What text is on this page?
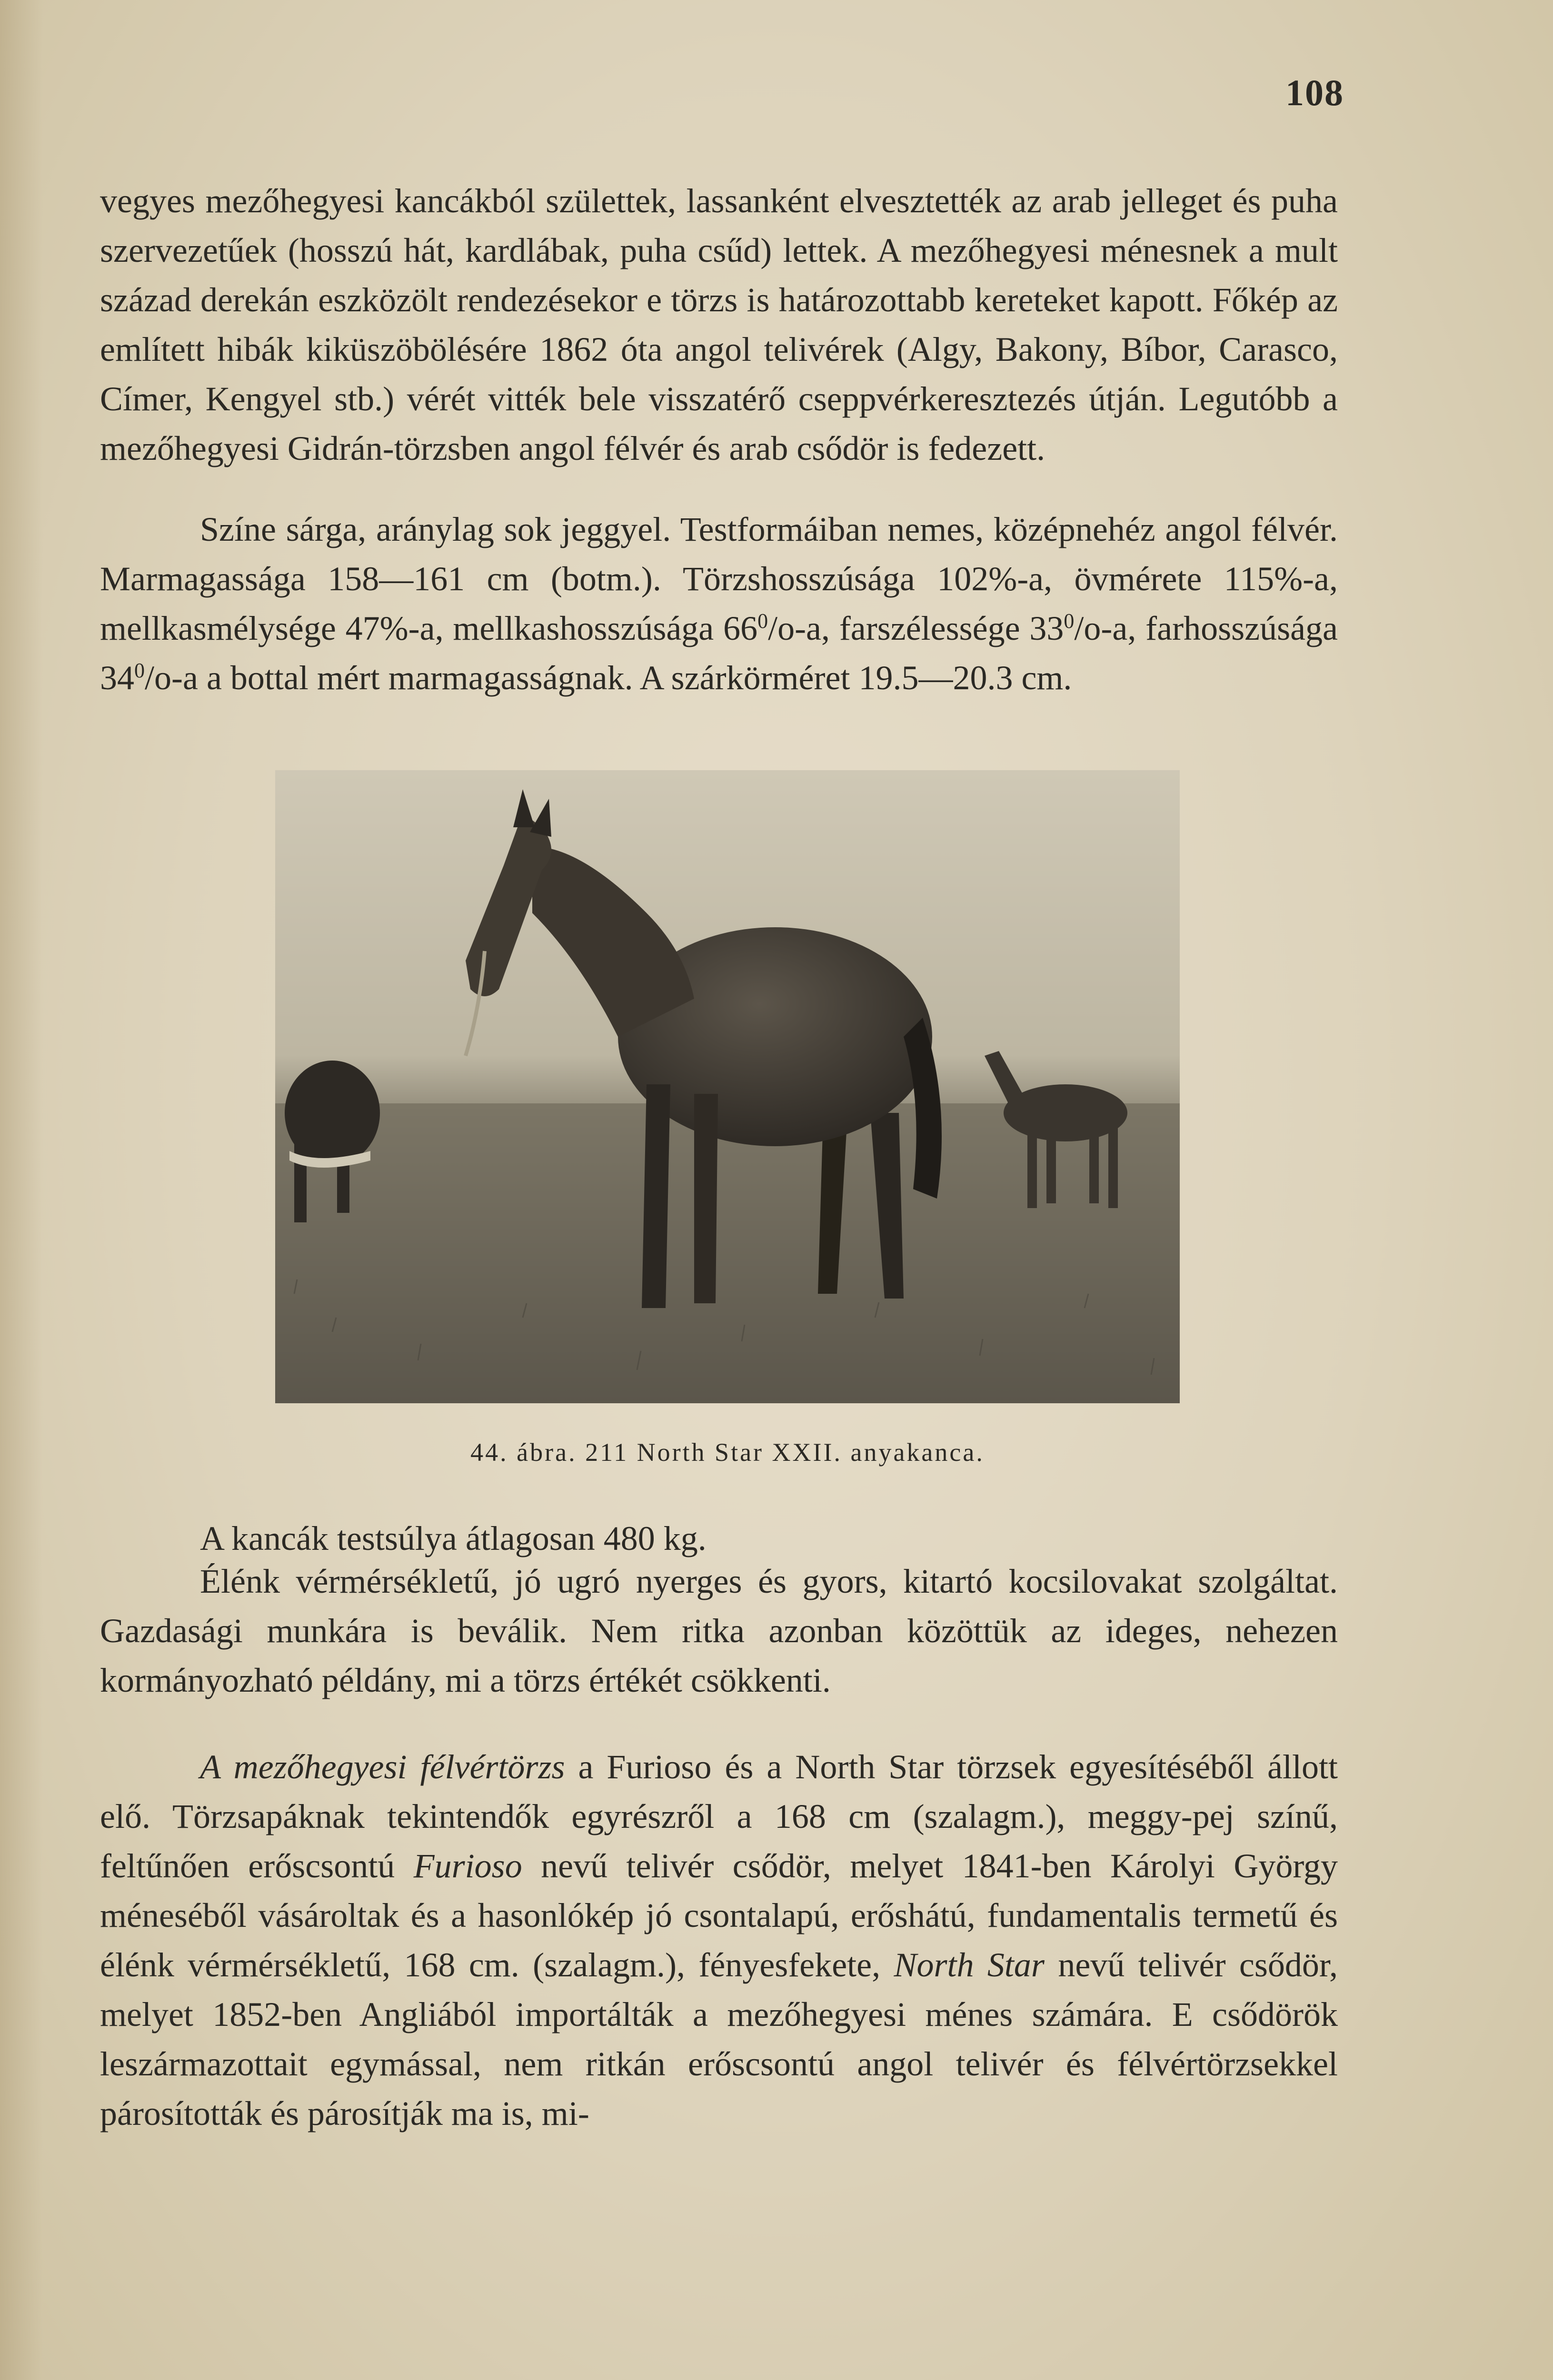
108

vegyes mezőhegyesi kancákból születtek, lassanként elvesztették az arab jelleget és puha szervezetűek (hosszú hát, kardlábak, puha csűd) lettek. A mezőhegyesi ménesnek a mult század derekán eszközölt rendezésekor e törzs is határozottabb kereteket kapott. Főkép az említett hibák kiküszöbölésére 1862 óta angol telivérek (Algy, Bakony, Bíbor, Carasco, Címer, Kengyel stb.) vérét vitték bele visszatérő cseppvérkeresztezés útján. Legutóbb a mezőhegyesi Gidrán-törzsben angol félvér és arab csődör is fedezett.

Színe sárga, aránylag sok jeggyel. Testformáiban nemes, középnehéz angol félvér. Marmagassága 158—161 cm (botm.). Törzshosszúsága 102%-a, övmérete 115%-a, mellkasmélysége 47%-a, mellkashosszúsága $66^0/o-a$, farszélessége $33^0/o-a$, farhosszúsága $34^0/o-a$ a bottal mért marmagasságnak. A szárkörméret 19.5—20.3 cm.

44. ábra. 211 North Star XXII. anyakanca.

A kancák testsúlya átlagosan 480 kg.

Élénk vérmérsékletű, jó ugró nyerges és gyors, kitartó kocsilovakat szolgáltat. Gazdasági munkára is beválik. Nem ritka azonban közöttük az ideges, nehezen kormányozható példány, mi a törzs értékét csökkenti.

A mezőhegyesi félvértörzs a Furioso és a North Star törzsek egyesítéséből állott elő. Törzsapáknak tekintendők egyrészről a 168 cm (szalagm.), meggy-pej színű, feltűnően erőscsontú Furioso nevű telivér csődör, melyet 1841-ben Károlyi György méneséből vásároltak és a hasonlókép jó csontalapú, erőshátú, fundamentalis termetű és élénk vérmérsékletű, 168 cm. (szalagm.), fényesfekete, North Star nevű telivér csődör, melyet 1852-ben Angliából importálták a mezőhegyesi ménes számára. E csődörök leszármazottait egymással, nem ritkán erőscsontú angol telivér és félvértörzsekkel párosították és párosítják ma is, mi-
